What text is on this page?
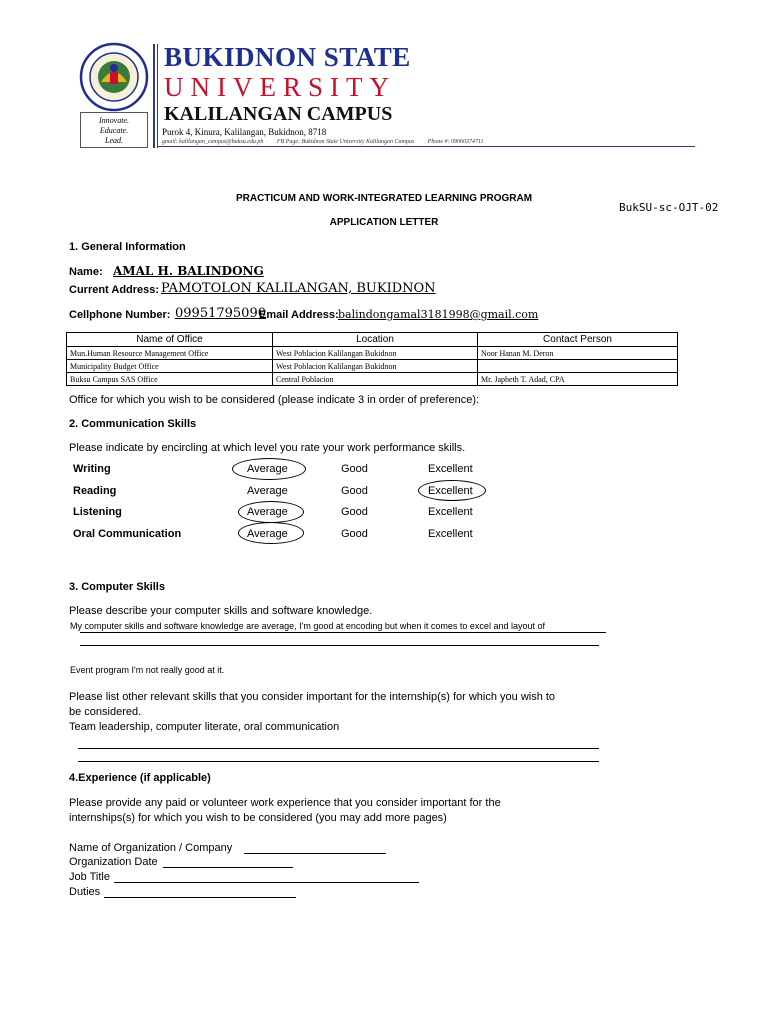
Innovate.
Educate.
Lead.
BUKIDNON STATE
UNIVERSITY
KALILANGAN CAMPUS
Purok 4, Kinura, Kalilangan, Bukidnon, 8718
gmail: kalilangan_campus@buksu.edu.ph FB Page: Bukidnon State University Kalilangan Campus Phone #: 09060374711
PRACTICUM AND WORK-INTEGRATED LEARNING PROGRAM
APPLICATION LETTER
BukSU-sc-OJT-02
1. General Information
Name: AMAL H. BALINDONG
Current Address: PAMOTOLON KALILANGAN, BUKIDNON
Cellphone Number: 09951795090
Email Address: balindongamal3181998@gmail.com
Name of Office	Location	Contact Person
Mun.Human Resource Management Office	West Poblacion Kalilangan Bukidnon	Noor Hanan M. Deron
Municipality Budget Office	West Poblacion Kalilangan Bukidnon	
Buksu Campus SAS Office	Central Poblacion	Mr. Japheth T. Adad, CPA
Office for which you wish to be considered (please indicate 3 in order of preference):
2. Communication Skills
Please indicate by encircling at which level you rate your work performance skills.
Writing	Average	Good	Excellent
Reading	Average	Good	Excellent
Listening	Average	Good	Excellent
Oral Communication	Average	Good	Excellent
3. Computer Skills
Please describe your computer skills and software knowledge.
My computer skills and software knowledge are average, I'm good at encoding but when it comes to excel and layout of
Event program I'm not really good at it.
Please list other relevant skills that you consider important for the internship(s) for which you wish to
be considered.
Team leadership, computer literate, oral communication
4.Experience (if applicable)
Please provide any paid or volunteer work experience that you consider important for the
internships(s) for which you wish to be considered (you may add more pages)
Name of Organization / Company
Organization Date
Job Title
Duties
